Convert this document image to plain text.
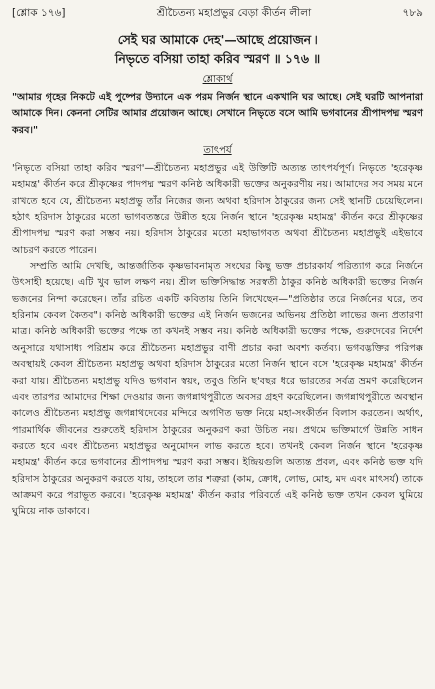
[শ্লোক ১৭৬]	শ্রীচৈতন্য মহাপ্রভুর বেড়া কীর্তন লীলা	৭৮৯
সেই ঘর আমাকে দেহ'—আছে প্রয়োজন ৷
নিভৃতে বসিয়া তাহা করিব স্মরণ ॥ ১৭৬ ॥
শ্লোকার্থ

"আমার গৃহের নিকটে এই পুষ্পের উদ্যানে এক পরম নির্জন স্থানে একখানি ঘর আছে। সেই ঘরটি আপনারা আমাকে দিন। কেননা সেটির আমার প্রয়োজন আছে। সেখানে নিভৃতে বসে আমি ভগবানের শ্রীপাদপদ্ম স্মরণ করব।"

তাৎপর্য

'নিভৃতে বসিয়া তাহা করিব স্মরণ'—শ্রীচৈতন্য মহাপ্রভুর এই উক্তিটি অত্যন্ত তাৎপর্যপূর্ণ। নিভৃতে 'হরেকৃষ্ণ মহামন্ত্র' কীর্তন করে শ্রীকৃষ্ণের পাদপদ্ম স্মরণ কনিষ্ঠ অধিকারী ভক্তের অনুকরণীয় নয়। আমাদের সব সময় মনে রাখতে হবে যে, শ্রীচৈতন্য মহাপ্রভু তাঁর নিজের জন্য অথবা হরিদাস ঠাকুরের জন্য সেই স্থানটি চেয়েছিলেন। হঠাৎ হরিদাস ঠাকুরের মতো ভাগবতস্তরে উন্নীত হয়ে নির্জন স্থানে 'হরেকৃষ্ণ মহামন্ত্র' কীর্তন করে শ্রীকৃষ্ণের শ্রীপাদপদ্ম স্মরণ করা সম্ভব নয়। হরিদাস ঠাকুরের মতো মহাভাগবত অথবা শ্রীচৈতন্য মহাপ্রভুই এইভাবে আচরণ করতে পারেন।

সম্প্রতি আমি দেখছি, আন্তর্জাতিক কৃষ্ণভাবনামৃত সংঘের কিছু ভক্ত প্রচারকার্য পরিত্যাগ করে নির্জনে উৎসাহী হয়েছে। এটি খুব ভাল লক্ষণ নয়। শ্রীল ভক্তিসিদ্ধান্ত সরস্বতী ঠাকুর কনিষ্ঠ অধিকারী ভক্তের নির্জন ভজনের নিন্দা করেছেন। তাঁর রচিত একটি কবিতায় তিনি লিখেছেন—"প্রতিষ্ঠার তরে নির্জনের ঘরে, তব হরিনাম কেবল কৈতব"। কনিষ্ঠ অধিকারী ভক্তের এই নির্জন ভজনের অভিনয় প্রতিষ্ঠা লাভের জন্য প্রতারণা মাত্র। কনিষ্ঠ অধিকারী ভক্তের পক্ষে তা কখনই সম্ভব নয়। কনিষ্ঠ অধিকারী ভক্তের পক্ষে, গুরুদেবের নির্দেশ অনুসারে যথাসাধ্য পরিশ্রম করে শ্রীচৈতন্য মহাপ্রভুর বাণী প্রচার করা অবশ্য কর্তব্য। ভগবদ্ভক্তির পরিপক্ক অবস্থায়ই কেবল শ্রীচৈতন্য মহাপ্রভু অথবা হরিদাস ঠাকুরের মতো নির্জন স্থানে বসে 'হরেকৃষ্ণ মহামন্ত্র' কীর্তন করা যায়। শ্রীচৈতন্য মহাপ্রভু যদিও ভগবান স্বয়ং, তবুও তিনি ছ'বছর ধরে ভারতের সর্বত্র ভ্রমণ করেছিলেন এবং তারপর আমাদের শিক্ষা দেওয়ার জন্য জগন্নাথপুরীতে অবসর গ্রহণ করেছিলেন। জগন্নাথপুরীতে অবস্থান কালেও শ্রীচৈতন্য মহাপ্রভু জগন্নাথদেবের মন্দিরে অগণিত ভক্ত নিয়ে মহা-সংকীর্তন বিলাস করতেন। অর্থাৎ, পারমার্থিক জীবনের শুরুতেই হরিদাস ঠাকুরের অনুকরণ করা উচিত নয়। প্রথমে ভক্তিমার্গে উন্নতি সাধন করতে হবে এবং শ্রীচৈতন্য মহাপ্রভুর অনুমোদন লাভ করতে হবে। তখনই কেবল নির্জন স্থানে 'হরেকৃষ্ণ মহামন্ত্র' কীর্তন করে ভগবানের শ্রীপাদপদ্ম স্মরণ করা সম্ভব। ইন্দ্রিয়গুলি অত্যন্ত প্রবল, এবং কনিষ্ঠ ভক্ত যদি হরিদাস ঠাকুরের অনুকরণ করতে যায়, তাহলে তার শত্রুরা (কাম, ক্রোধ, লোভ, মোহ, মদ এবং মাৎসর্য) তাকে আক্রমণ করে পরাভূত করবে। 'হরেকৃষ্ণ মহামন্ত্র' কীর্তন করার পরিবর্তে এই কনিষ্ঠ ভক্ত তখন কেবল ঘুমিয়ে ঘুমিয়ে নাক ডাকাবে।
